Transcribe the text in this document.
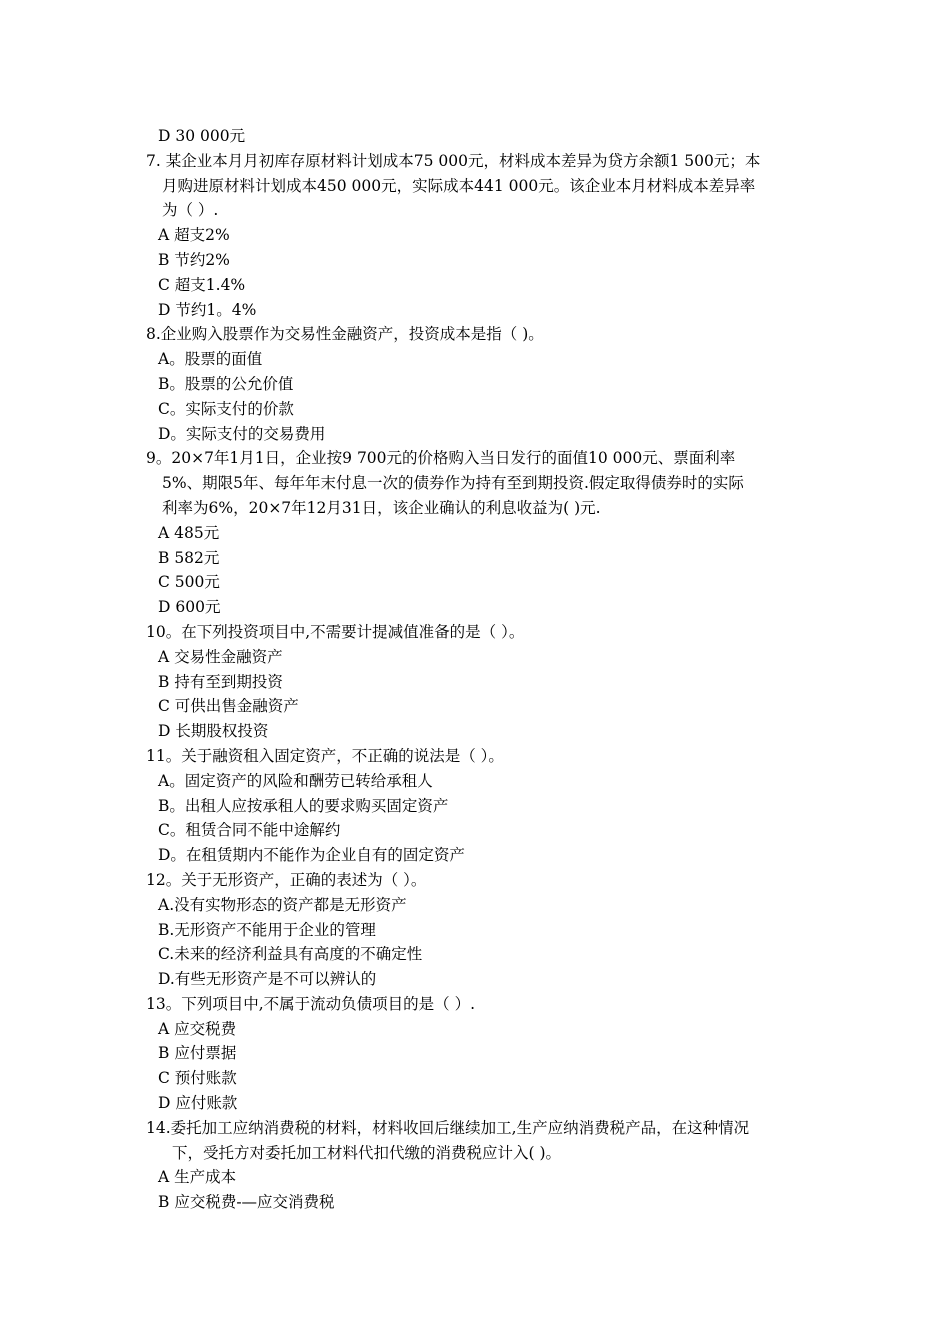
D 30 000元
7. 某企业本月月初库存原材料计划成本75 000元，材料成本差异为贷方余额1 500元；本
月购进原材料计划成本450 000元，实际成本441 000元。该企业本月材料成本差异率
为（ ）.
A 超支2%
B 节约2%
C 超支1.4%
D 节约1。4%
8.企业购入股票作为交易性金融资产，投资成本是指（ )。
A。股票的面值
B。股票的公允价值
C。实际支付的价款
D。实际支付的交易费用
9。20×7年1月1日，企业按9 700元的价格购入当日发行的面值10 000元、票面利率
5%、期限5年、每年年末付息一次的债券作为持有至到期投资.假定取得债券时的实际
利率为6%，20×7年12月31日，该企业确认的利息收益为( )元.
A 485元
B 582元
C 500元
D 600元
10。在下列投资项目中,不需要计提减值准备的是（ ）。
A 交易性金融资产
B 持有至到期投资
C 可供出售金融资产
D 长期股权投资
11。关于融资租入固定资产，不正确的说法是（ ）。
A。固定资产的风险和酬劳已转给承租人
B。出租人应按承租人的要求购买固定资产
C。租赁合同不能中途解约
D。在租赁期内不能作为企业自有的固定资产
12。关于无形资产，正确的表述为（ ）。
A.没有实物形态的资产都是无形资产
B.无形资产不能用于企业的管理
C.未来的经济利益具有高度的不确定性
D.有些无形资产是不可以辨认的
13。下列项目中,不属于流动负债项目的是（ ）.
A 应交税费
B 应付票据
C 预付账款
D 应付账款
14.委托加工应纳消费税的材料，材料收回后继续加工,生产应纳消费税产品，在这种情况
下，受托方对委托加工材料代扣代缴的消费税应计入( )。
A 生产成本
B 应交税费-—应交消费税
